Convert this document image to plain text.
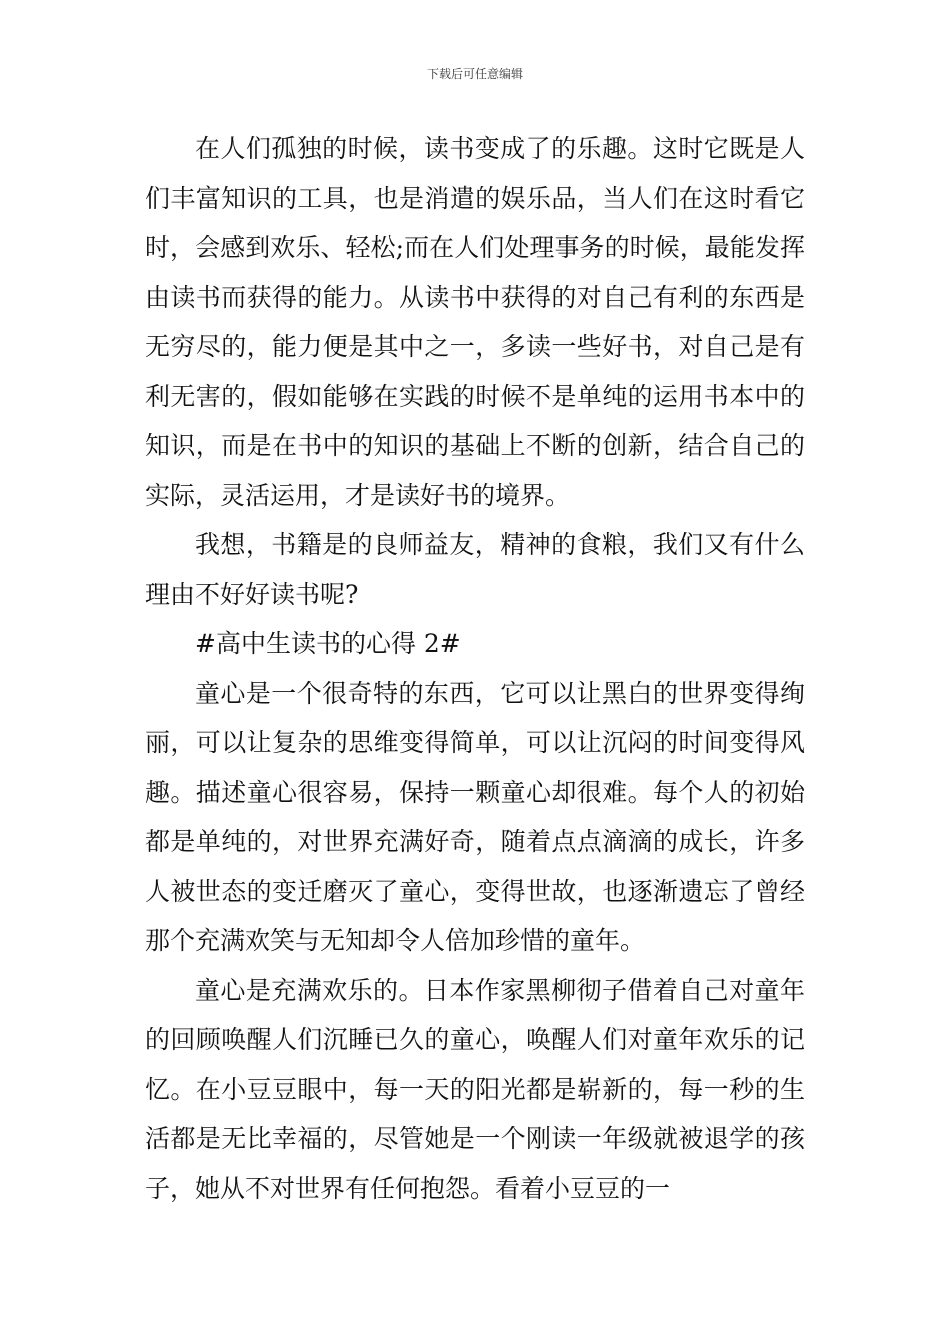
下载后可任意编辑

在人们孤独的时候，读书变成了的乐趣。这时它既是人们丰富知识的工具，也是消遣的娱乐品，当人们在这时看它时，会感到欢乐、轻松;而在人们处理事务的时候，最能发挥由读书而获得的能力。从读书中获得的对自己有利的东西是无穷尽的，能力便是其中之一，多读一些好书，对自己是有利无害的，假如能够在实践的时候不是单纯的运用书本中的知识，而是在书中的知识的基础上不断的创新，结合自己的实际，灵活运用，才是读好书的境界。

我想，书籍是的良师益友，精神的食粮，我们又有什么理由不好好读书呢?

#高中生读书的心得 2#

童心是一个很奇特的东西，它可以让黑白的世界变得绚丽，可以让复杂的思维变得简单，可以让沉闷的时间变得风趣。描述童心很容易，保持一颗童心却很难。每个人的初始都是单纯的，对世界充满好奇，随着点点滴滴的成长，许多人被世态的变迁磨灭了童心，变得世故，也逐渐遗忘了曾经那个充满欢笑与无知却令人倍加珍惜的童年。

童心是充满欢乐的。日本作家黑柳彻子借着自己对童年的回顾唤醒人们沉睡已久的童心，唤醒人们对童年欢乐的记忆。在小豆豆眼中，每一天的阳光都是崭新的，每一秒的生活都是无比幸福的，尽管她是一个刚读一年级就被退学的孩子，她从不对世界有任何抱怨。看着小豆豆的一
